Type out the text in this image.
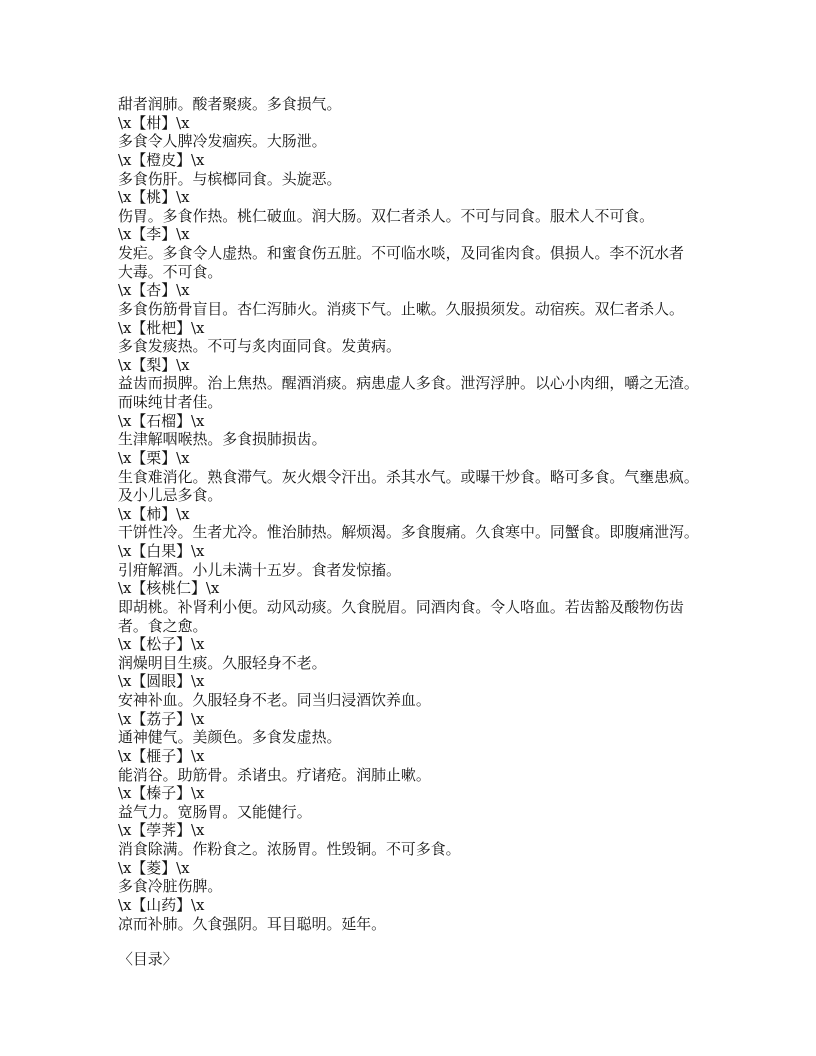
甜者润肺。酸者聚痰。多食损气。
\x【柑】\x
多食令人脾冷发痼疾。大肠泄。
\x【橙皮】\x
多食伤肝。与槟榔同食。头旋恶。
\x【桃】\x
伤胃。多食作热。桃仁破血。润大肠。双仁者杀人。不可与同食。服术人不可食。
\x【李】\x
发疟。多食令人虚热。和蜜食伤五脏。不可临水啖，及同雀肉食。俱损人。李不沉水者
大毒。不可食。
\x【杏】\x
多食伤筋骨盲目。杏仁泻肺火。消痰下气。止嗽。久服损须发。动宿疾。双仁者杀人。
\x【枇杷】\x
多食发痰热。不可与炙肉面同食。发黄病。
\x【梨】\x
益齿而损脾。治上焦热。醒酒消痰。病患虚人多食。泄泻浮肿。以心小肉细，嚼之无渣。
而味纯甘者佳。
\x【石榴】\x
生津解咽喉热。多食损肺损齿。
\x【栗】\x
生食难消化。熟食滞气。灰火煨令汗出。杀其水气。或曝干炒食。略可多食。气壅患疯。
及小儿忌多食。
\x【柿】\x
干饼性冷。生者尤冷。惟治肺热。解烦渴。多食腹痛。久食寒中。同蟹食。即腹痛泄泻。
\x【白果】\x
引疳解酒。小儿未满十五岁。食者发惊搐。
\x【核桃仁】\x
即胡桃。补肾利小便。动风动痰。久食脱眉。同酒肉食。令人咯血。若齿豁及酸物伤齿
者。食之愈。
\x【松子】\x
润燥明目生痰。久服轻身不老。
\x【圆眼】\x
安神补血。久服轻身不老。同当归浸酒饮养血。
\x【荔子】\x
通神健气。美颜色。多食发虚热。
\x【榧子】\x
能消谷。助筋骨。杀诸虫。疗诸疮。润肺止嗽。
\x【榛子】\x
益气力。宽肠胃。又能健行。
\x【荸荠】\x
消食除满。作粉食之。浓肠胃。性毁铜。不可多食。
\x【菱】\x
多食冷脏伤脾。
\x【山药】\x
凉而补肺。久食强阴。耳目聪明。延年。
〈目录〉
